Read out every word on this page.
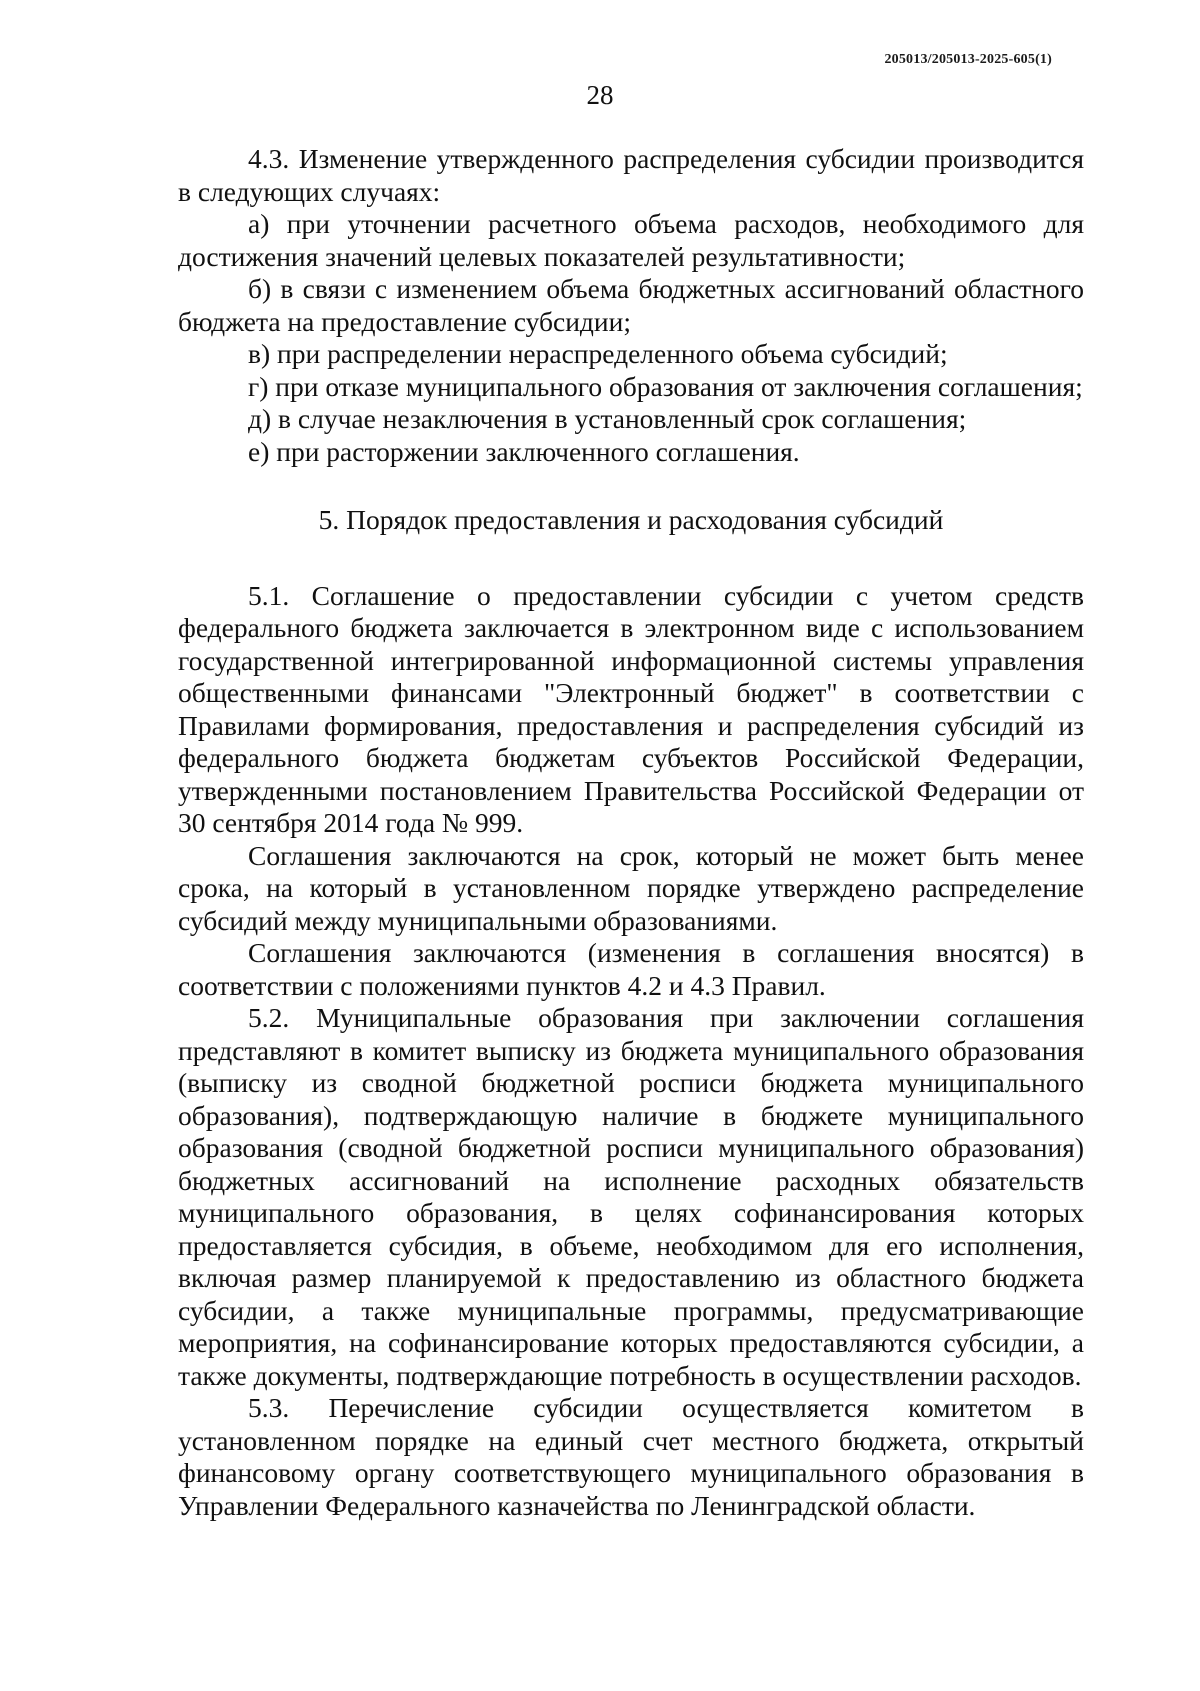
205013/205013-2025-605(1)
28

4.3. Изменение утвержденного распределения субсидии производится в следующих случаях:

а) при уточнении расчетного объема расходов, необходимого для достижения значений целевых показателей результативности;

б) в связи с изменением объема бюджетных ассигнований областного бюджета на предоставление субсидии;

в) при распределении нераспределенного объема субсидий;

г) при отказе муниципального образования от заключения соглашения;

д) в случае незаключения в установленный срок соглашения;

е) при расторжении заключенного соглашения.

5. Порядок предоставления и расходования субсидий

5.1. Соглашение о предоставлении субсидии с учетом средств федерального бюджета заключается в электронном виде с использованием государственной интегрированной информационной системы управления общественными финансами "Электронный бюджет" в соответствии с Правилами формирования, предоставления и распределения субсидий из федерального бюджета бюджетам субъектов Российской Федерации, утвержденными постановлением Правительства Российской Федерации от 30 сентября 2014 года № 999.

Соглашения заключаются на срок, который не может быть менее срока, на который в установленном порядке утверждено распределение субсидий между муниципальными образованиями.

Соглашения заключаются (изменения в соглашения вносятся) в соответствии с положениями пунктов 4.2 и 4.3 Правил.

5.2. Муниципальные образования при заключении соглашения представляют в комитет выписку из бюджета муниципального образования (выписку из сводной бюджетной росписи бюджета муниципального образования), подтверждающую наличие в бюджете муниципального образования (сводной бюджетной росписи муниципального образования) бюджетных ассигнований на исполнение расходных обязательств муниципального образования, в целях софинансирования которых предоставляется субсидия, в объеме, необходимом для его исполнения, включая размер планируемой к предоставлению из областного бюджета субсидии, а также муниципальные программы, предусматривающие мероприятия, на софинансирование которых предоставляются субсидии, а также документы, подтверждающие потребность в осуществлении расходов.

5.3. Перечисление субсидии осуществляется комитетом в установленном порядке на единый счет местного бюджета, открытый финансовому органу соответствующего муниципального образования в Управлении Федерального казначейства по Ленинградской области.
